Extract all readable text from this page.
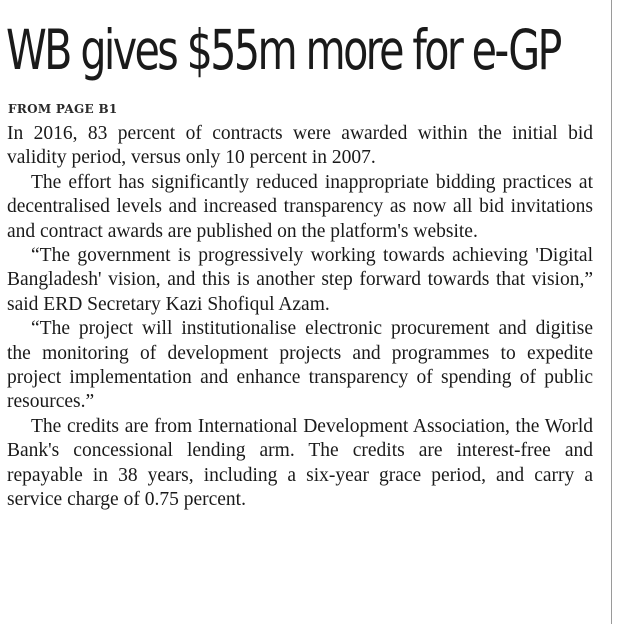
WB gives $55m more for e-GP
FROM PAGE B1

In 2016, 83 percent of contracts were awarded within the initial bid validity period, versus only 10 percent in 2007.

The effort has significantly reduced inappropriate bidding practices at decentralised levels and increased transparency as now all bid invitations and contract awards are published on the platform's website.

“The government is progressively working towards achieving 'Digital Bangladesh' vision, and this is another step forward towards that vision,” said ERD Secretary Kazi Shofiqul Azam.

“The project will institutionalise electronic procurement and digitise the monitoring of development projects and programmes to expedite project implementation and enhance transparency of spending of public resources.”

The credits are from International Development Association, the World Bank's concessional lending arm. The credits are interest-free and repayable in 38 years, including a six-year grace period, and carry a service charge of 0.75 percent.
